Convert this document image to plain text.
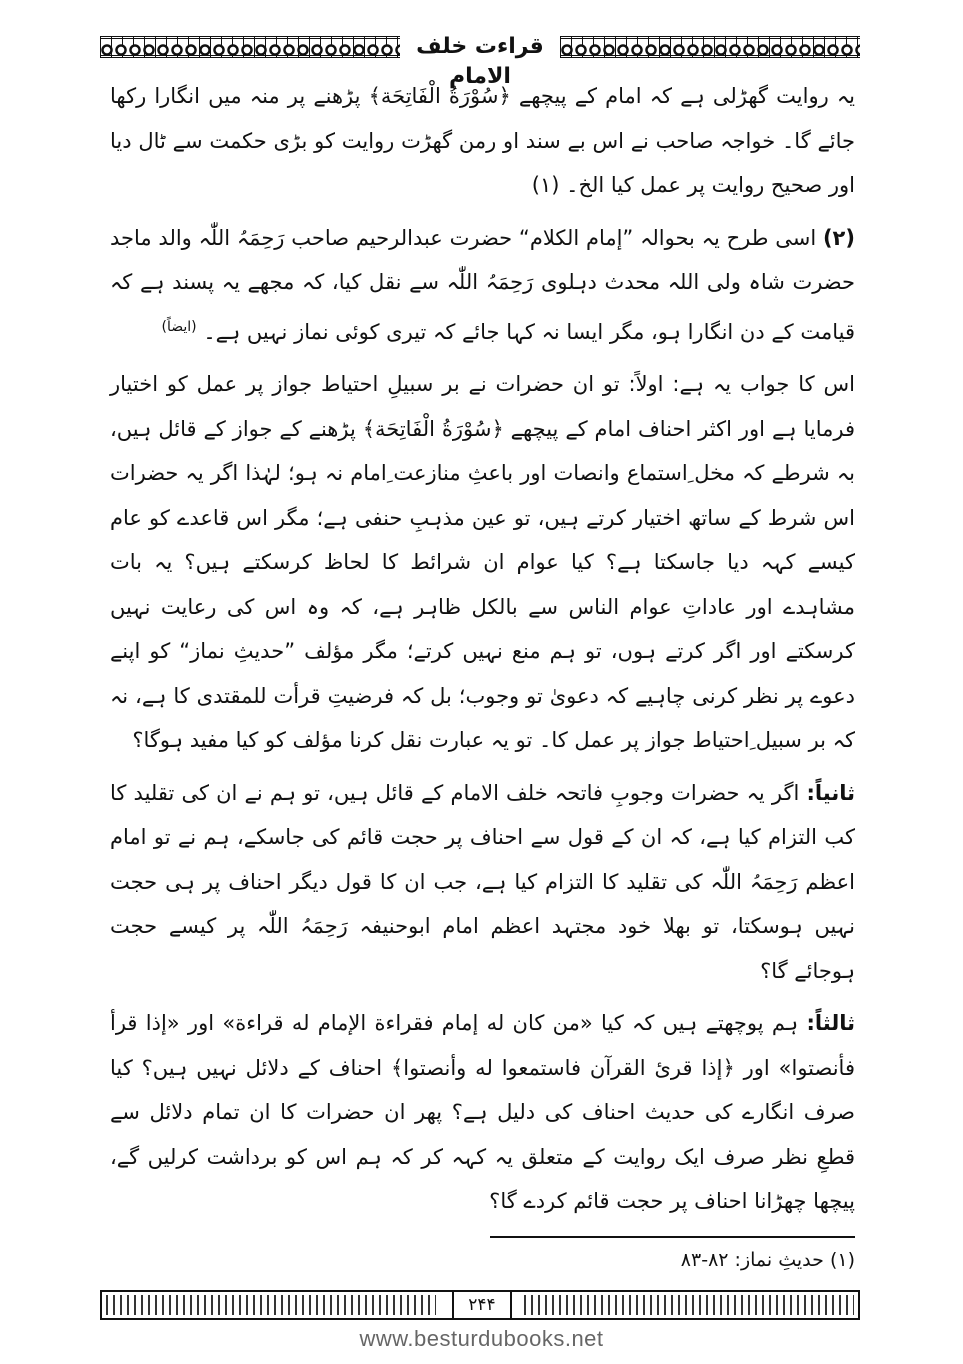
قراءت خلف الامام

یہ روایت گھڑلی ہے کہ امام کے پیچھے ﴿سُوْرَةُ الْفَاتِحَة﴾ پڑھنے پر منہ میں انگارا رکھا جائے گا۔ خواجہ صاحب نے اس بے سند او رمن گھڑت روایت کو بڑی حکمت سے ٹال دیا اور صحیح روایت پر عمل کیا الخ۔ (۱)

(۲) اسی طرح یہ بحوالہ ”إمام الکلام“ حضرت عبدالرحیم صاحب رَحِمَہُ اللّٰہ والد ماجد حضرت شاہ ولی اللہ محدث دہلوی رَحِمَہُ اللّٰہ سے نقل کیا، کہ مجھے یہ پسند ہے کہ قیامت کے دن انگارا ہو، مگر ایسا نہ کہا جائے کہ تیری کوئی نماز نہیں ہے۔ $^{(ایضاً)}$

اس کا جواب یہ ہے: اولاً: تو ان حضرات نے بر سبیلِ احتیاط جواز پر عمل کو اختیار فرمایا ہے اور اکثر احناف امام کے پیچھے ﴿سُوْرَةُ الْفَاتِحَة﴾ پڑھنے کے جواز کے قائل ہیں، بہ شرطے کہ مخل ِاستماع وانصات اور باعثِ منازعت ِامام نہ ہو؛ لہٰذا اگر یہ حضرات اس شرط کے ساتھ اختیار کرتے ہیں، تو عین مذہبِ حنفی ہے؛ مگر اس قاعدے کو عام کیسے کہہ دیا جاسکتا ہے؟ کیا عوام ان شرائط کا لحاظ کرسکتے ہیں؟ یہ بات مشاہدے اور عاداتِ عوام الناس سے بالکل ظاہر ہے، کہ وہ اس کی رعایت نہیں کرسکتے اور اگر کرتے ہوں، تو ہم منع نہیں کرتے؛ مگر مؤلف ”حدیثِ نماز“ کو اپنے دعوے پر نظر کرنی چاہیے کہ دعویٰ تو وجوب؛ بل کہ فرضیتِ قرأت للمقتدی کا ہے، نہ کہ بر سبیل ِاحتیاط جواز پر عمل کا۔ تو یہ عبارت نقل کرنا مؤلف کو کیا مفید ہوگا؟

ثانیاً: اگر یہ حضرات وجوبِ فاتحہ خلف الامام کے قائل ہیں، تو ہم نے ان کی تقلید کا کب التزام کیا ہے، کہ ان کے قول سے احناف پر حجت قائم کی جاسکے، ہم نے تو امام اعظم رَحِمَہُ اللّٰہ کی تقلید کا التزام کیا ہے، جب ان کا قول دیگر احناف پر ہی حجت نہیں ہوسکتا، تو بھلا خود مجتہد اعظم امام ابوحنیفہ رَحِمَہُ اللّٰہ پر کیسے حجت ہوجائے گا؟

ثالثاً: ہم پوچھتے ہیں کہ کیا «من کان له إمام فقراءة الإمام له قراءة» اور «إذا قرأ فأنصتوا» اور ﴿إذا قرئ القرآن فاستمعوا له وأنصتوا﴾ احناف کے دلائل نہیں ہیں؟ کیا صرف انگارے کی حدیث احناف کی دلیل ہے؟ پھر ان حضرات کا ان تمام دلائل سے قطعِ نظر صرف ایک روایت کے متعلق یہ کہہ کر کہ ہم اس کو برداشت کرلیں گے، پیچھا چھڑانا احناف پر حجت قائم کردے گا؟

(۱) حدیثِ نماز: ۸۲-۸۳
۲۴۴
www.besturdubooks.net
